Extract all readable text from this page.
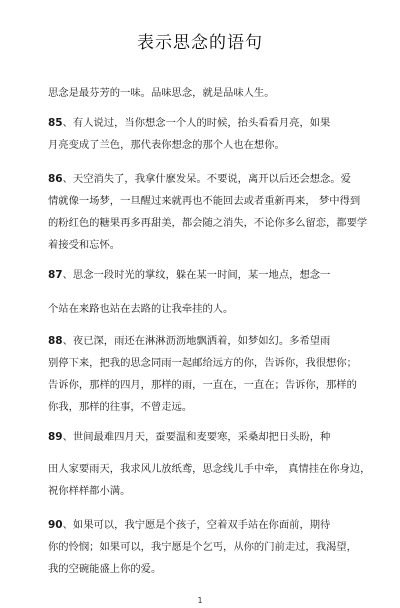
表示思念的语句
思念是最芬芳的一味。品味思念，就是品味人生。
85、有人说过，当你想念一个人的时候，抬头看看月亮，如果
月亮变成了兰色，那代表你想念的那个人也在想你。
86、天空消失了，我拿什麽发呆。不要说，离开以后还会想念。爱
情就像一场梦，一旦醒过来就再也不能回去或者重新再来， 梦中得到
的粉红色的糖果再多再甜美，都会随之消失，不论你多么留恋，都要学
着接受和忘怀。
87、思念一段时光的掌纹，躲在某一时间，某一地点，想念一
个站在来路也站在去路的让我牵挂的人。
88、夜已深，雨还在淋淋沥沥地飘洒着，如梦如幻。多希望雨
别停下来，把我的思念同雨一起邮给远方的你，告诉你，我很想你；
告诉你，那样的四月，那样的雨，一直在，一直在；告诉你，那样的
你我，那样的往事，不曾走远。
89、世间最难四月天，蚕要温和麦要寒，采桑却把日头盼，种
田人家要雨天，我求风儿放纸鸢，思念线儿手中牵， 真情挂在你身边，
祝你样样都小满。
90、如果可以，我宁愿是个孩子，空着双手站在你面前，期待
你的怜悯；如果可以，我宁愿是个乞丐，从你的门前走过，我渴望，
我的空碗能盛上你的爱。
1
